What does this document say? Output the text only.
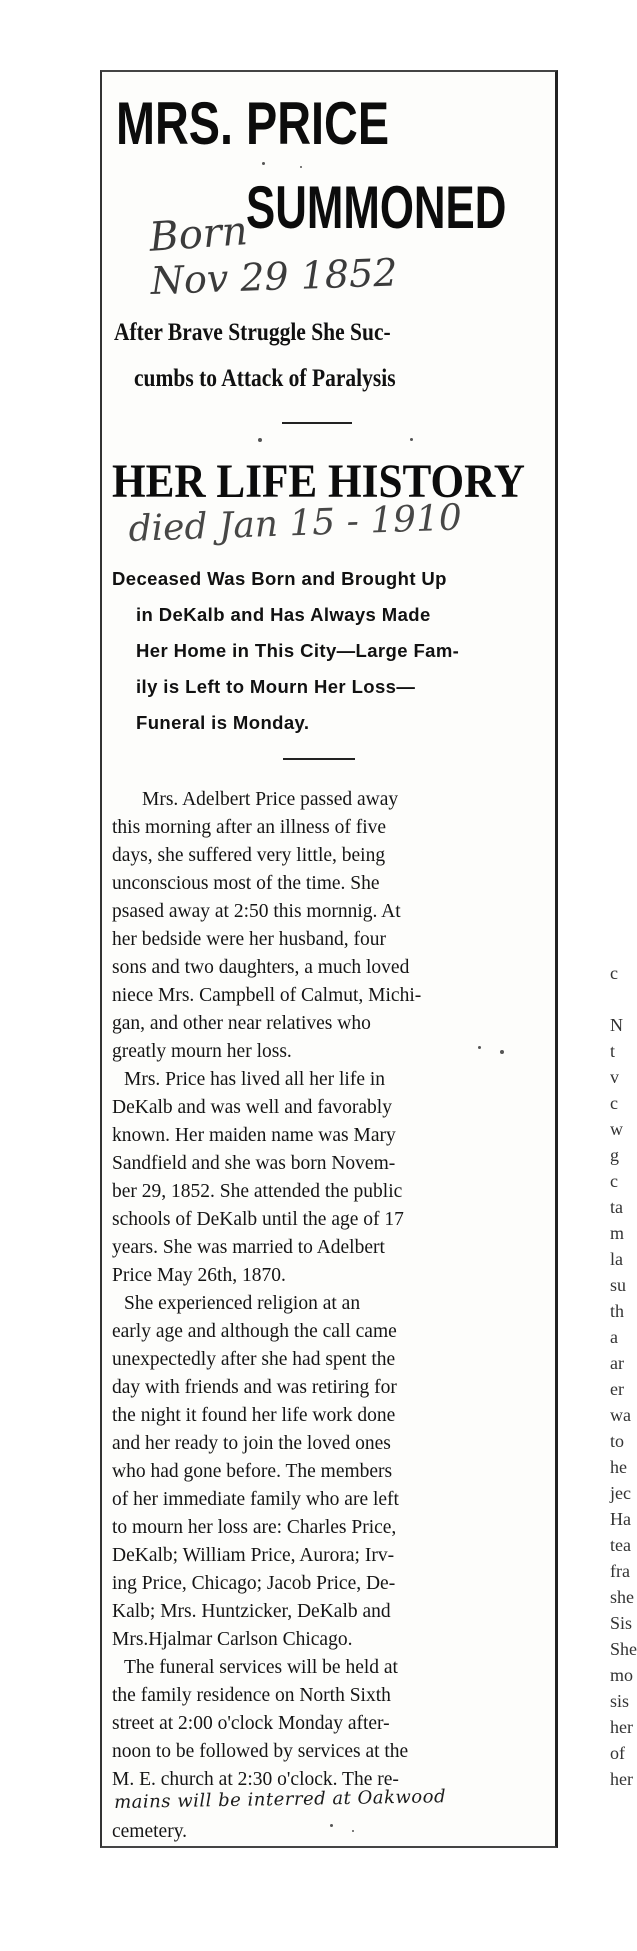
MRS. PRICE
SUMMONED
Born
Nov 29 1852
After Brave Struggle She Suc-
cumbs to Attack of Paralysis
HER LIFE HISTORY
died Jan 15 - 1910
Deceased Was Born and Brought Up
in DeKalb and Has Always Made
Her Home in This City—Large Fam-
ily is Left to Mourn Her Loss—
Funeral is Monday.
Mrs. Adelbert Price passed away
this morning after an illness of five
days, she suffered very little, being
unconscious most of the time. She
psased away at 2:50 this mornnig. At
her bedside were her husband, four
sons and two daughters, a much loved
niece Mrs. Campbell of Calmut, Michi-
gan, and other near relatives who
greatly mourn her loss.
Mrs. Price has lived all her life in
DeKalb and was well and favorably
known. Her maiden name was Mary
Sandfield and she was born Novem-
ber 29, 1852. She attended the public
schools of DeKalb until the age of 17
years. She was married to Adelbert
Price May 26th, 1870.
She experienced religion at an
early age and although the call came
unexpectedly after she had spent the
day with friends and was retiring for
the night it found her life work done
and her ready to join the loved ones
who had gone before. The members
of her immediate family who are left
to mourn her loss are: Charles Price,
DeKalb; William Price, Aurora; Irv-
ing Price, Chicago; Jacob Price, De-
Kalb; Mrs. Huntzicker, DeKalb and
Mrs.Hjalmar Carlson Chicago.
The funeral services will be held at
the family residence on North Sixth
street at 2:00 o'clock Monday after-
noon to be followed by services at the
M. E. church at 2:30 o'clock. The re-
mains will be interred at Oakwood
cemetery.
c
N
t
v
c
w
g
c
ta
m
la
su
th
a
ar
er
wa
to
he
jec
Ha
tea
fra
she
Sis
She
mo
sis
her
of
her
